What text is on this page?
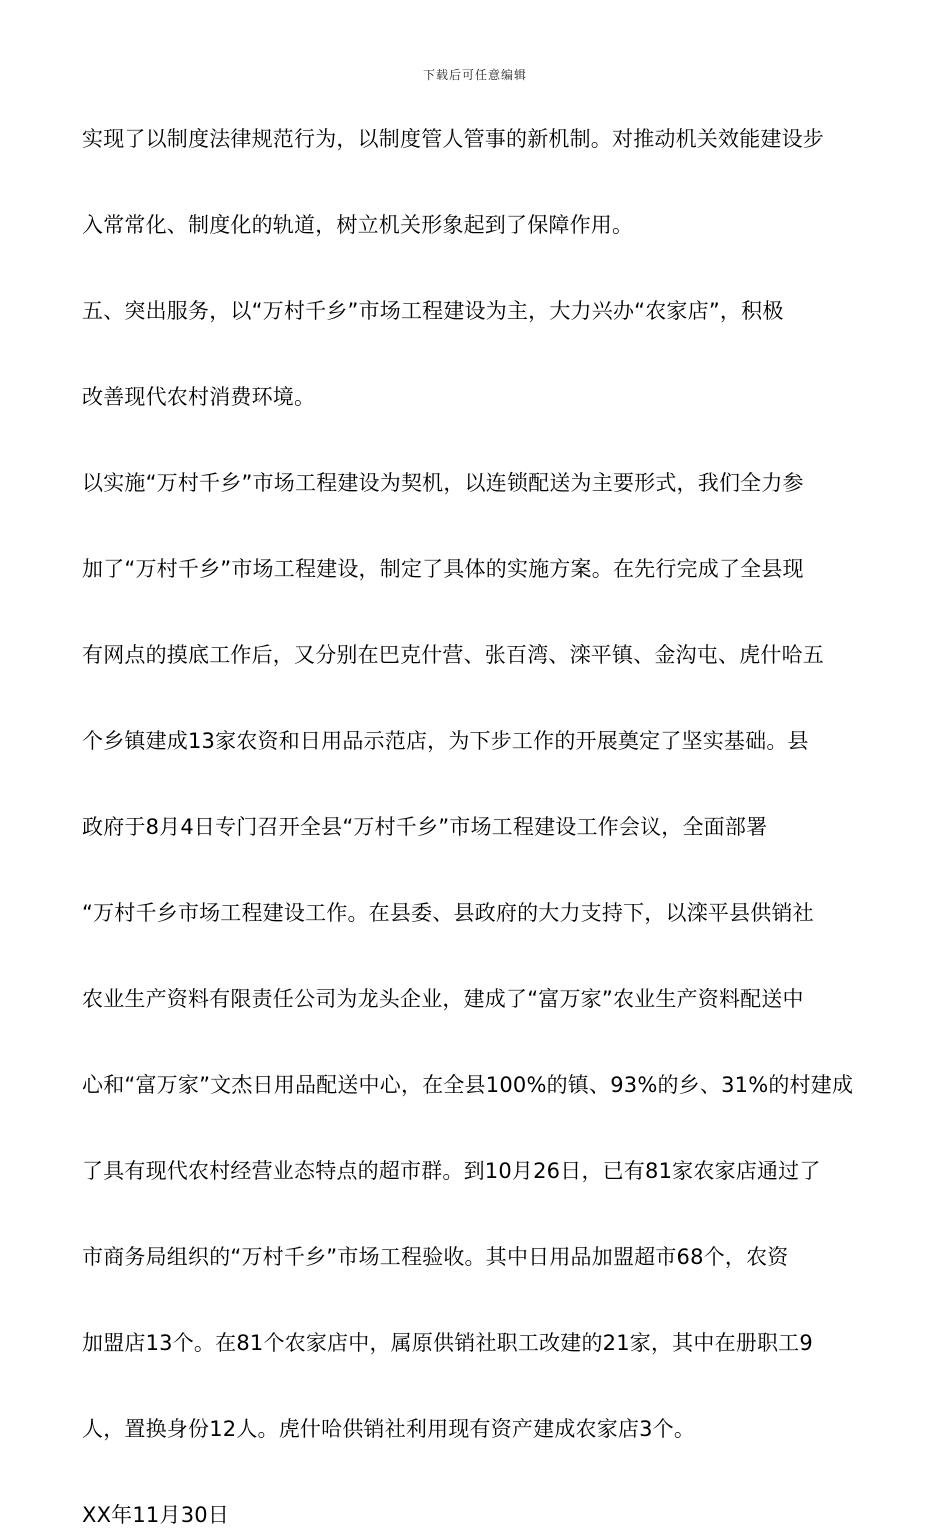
下载后可任意编辑
实现了以制度法律规范行为，以制度管人管事的新机制。对推动机关效能建设步
入常常化、制度化的轨道，树立机关形象起到了保障作用。
五、突出服务，以“万村千乡”市场工程建设为主，大力兴办“农家店”，积极
改善现代农村消费环境。
以实施“万村千乡”市场工程建设为契机，以连锁配送为主要形式，我们全力参
加了“万村千乡”市场工程建设，制定了具体的实施方案。在先行完成了全县现
有网点的摸底工作后，又分别在巴克什营、张百湾、滦平镇、金沟屯、虎什哈五
个乡镇建成13家农资和日用品示范店，为下步工作的开展奠定了坚实基础。县
政府于8月4日专门召开全县“万村千乡”市场工程建设工作会议，全面部署
“万村千乡市场工程建设工作。在县委、县政府的大力支持下，以滦平县供销社
农业生产资料有限责任公司为龙头企业，建成了“富万家”农业生产资料配送中
心和“富万家”文杰日用品配送中心，在全县100%的镇、93%的乡、31%的村建成
了具有现代农村经营业态特点的超市群。到10月26日，已有81家农家店通过了
市商务局组织的“万村千乡”市场工程验收。其中日用品加盟超市68个，农资
加盟店13个。在81个农家店中，属原供销社职工改建的21家，其中在册职工9
人，置换身份12人。虎什哈供销社利用现有资产建成农家店3个。
XX年11月30日
